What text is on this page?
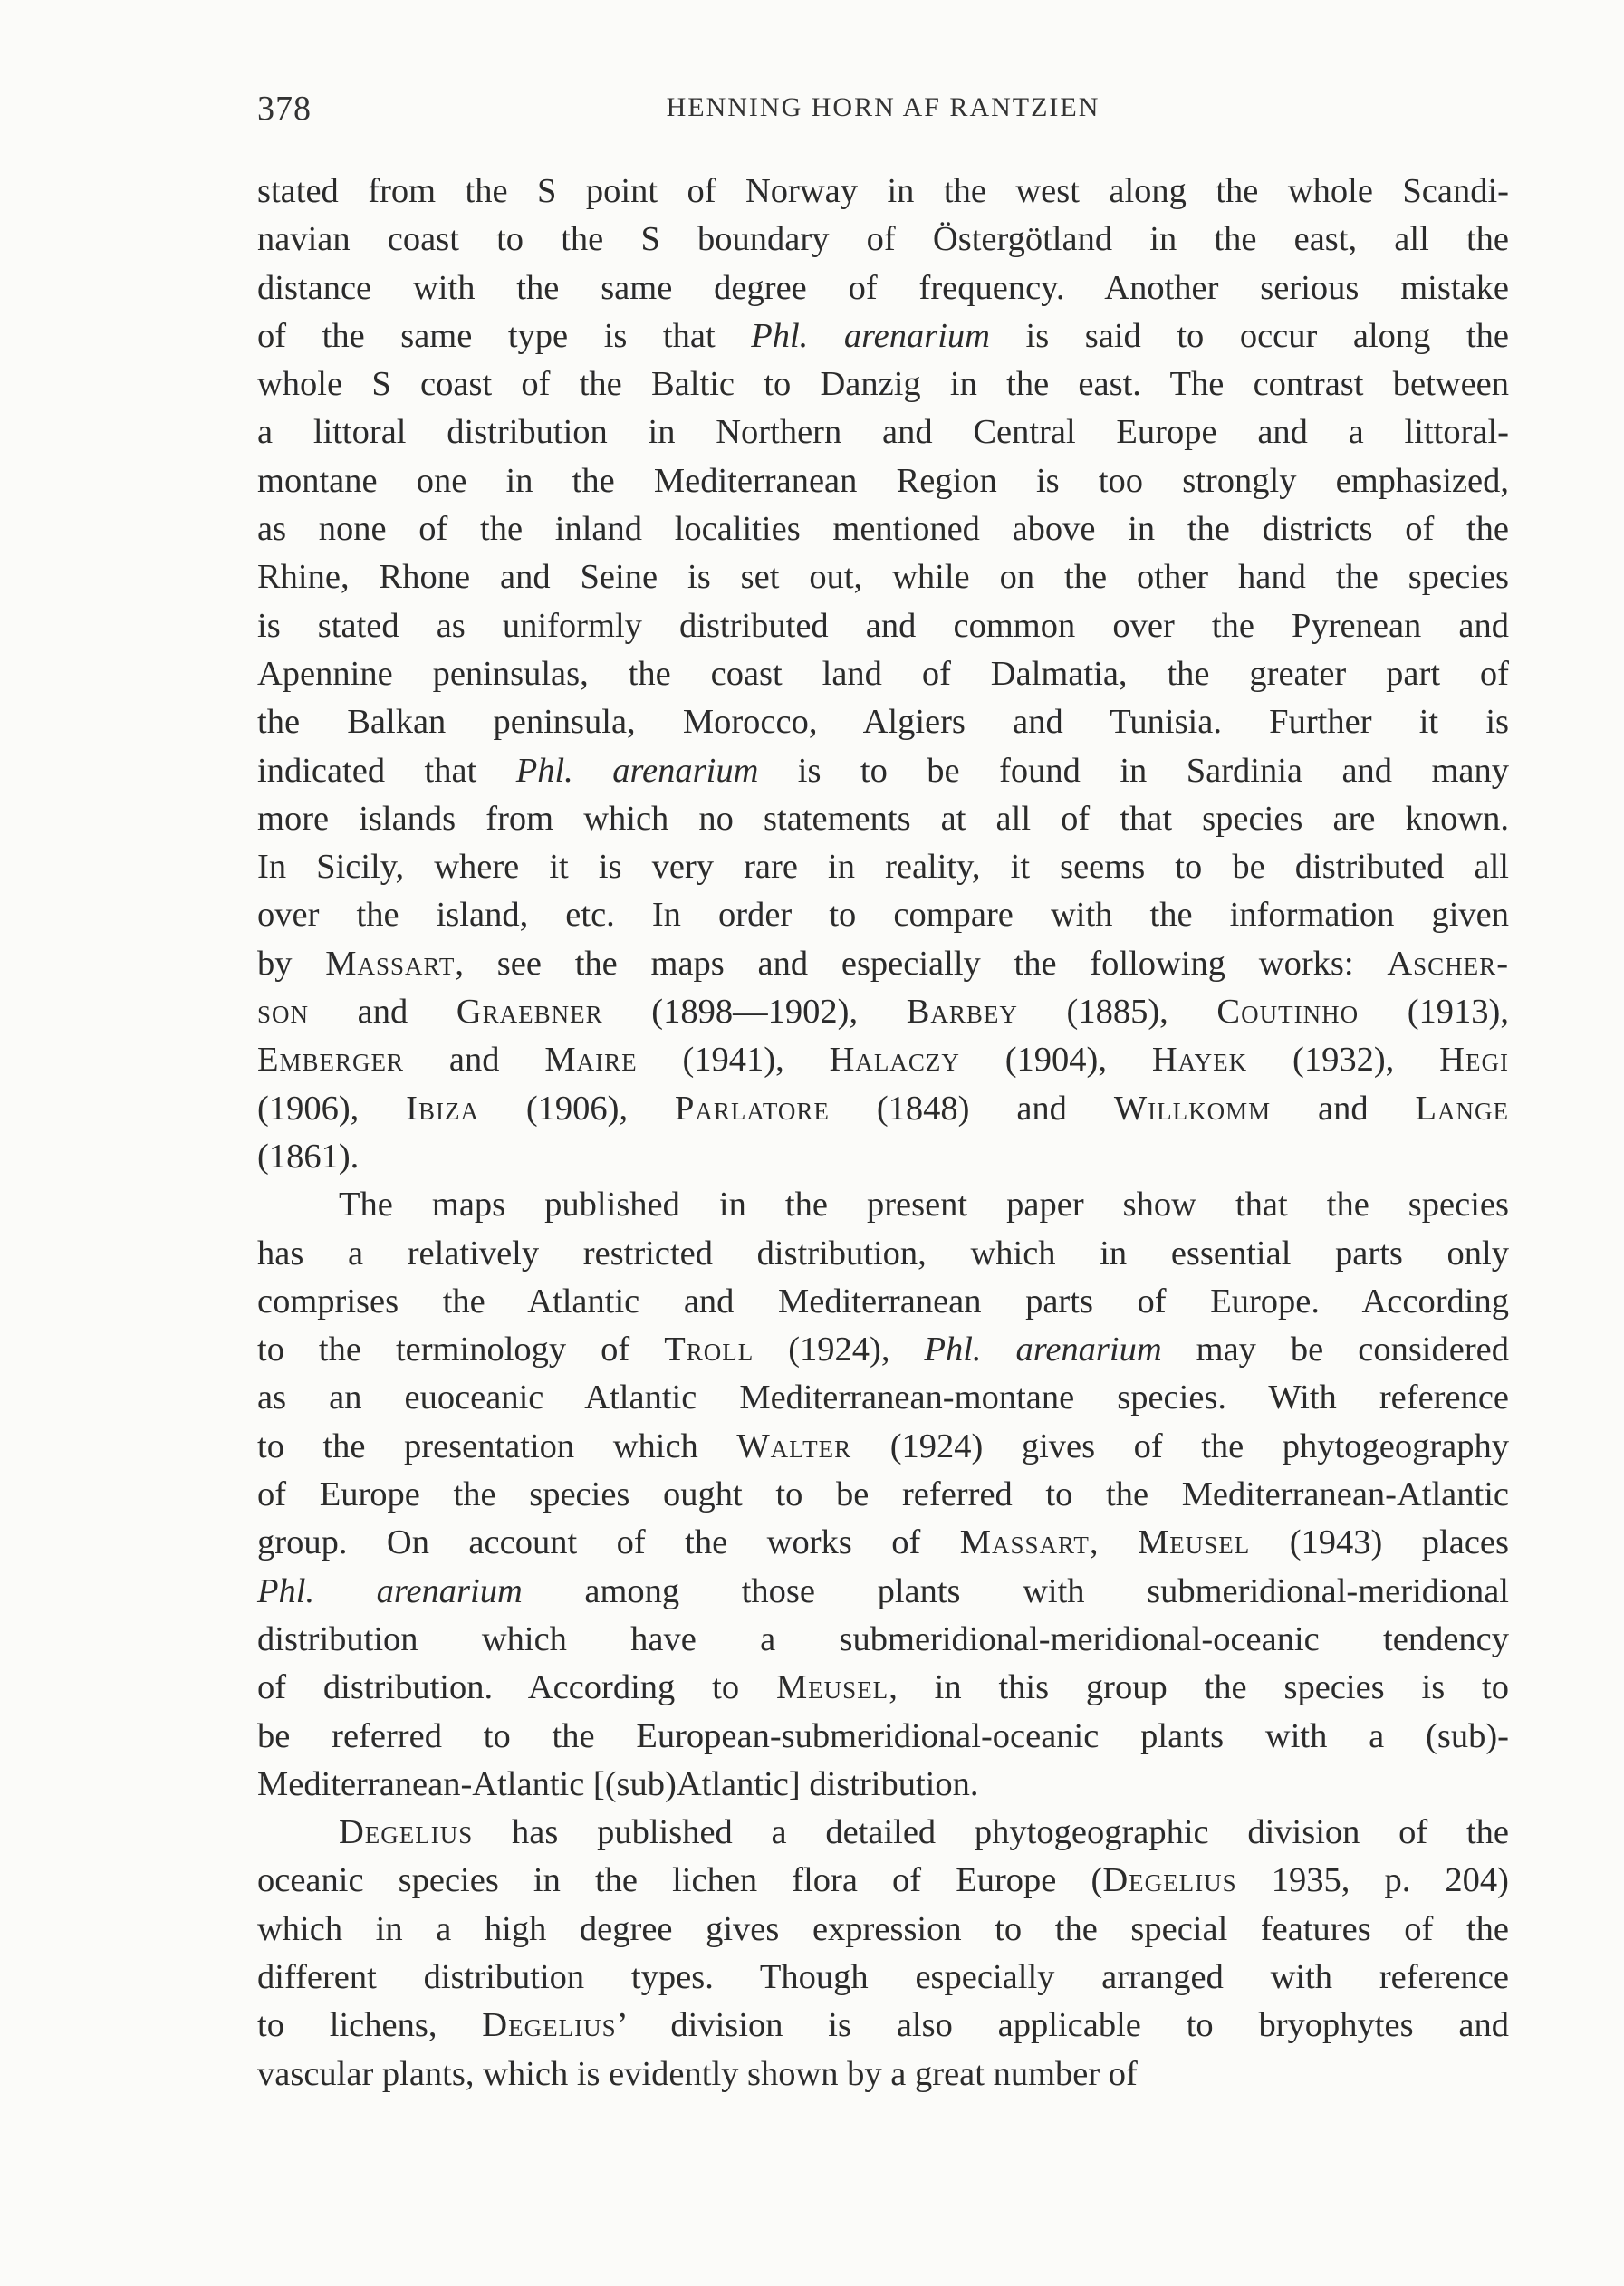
378	HENNING HORN AF RANTZIEN
stated from the S point of Norway in the west along the whole Scandi-
navian coast to the S boundary of Östergötland in the east, all the
distance with the same degree of frequency. Another serious mistake
of the same type is that Phl. arenarium is said to occur along the
whole S coast of the Baltic to Danzig in the east. The contrast between
a littoral distribution in Northern and Central Europe and a littoral-
montane one in the Mediterranean Region is too strongly emphasized,
as none of the inland localities mentioned above in the districts of the
Rhine, Rhone and Seine is set out, while on the other hand the species
is stated as uniformly distributed and common over the Pyrenean and
Apennine peninsulas, the coast land of Dalmatia, the greater part of
the Balkan peninsula, Morocco, Algiers and Tunisia. Further it is
indicated that Phl. arenarium is to be found in Sardinia and many
more islands from which no statements at all of that species are known.
In Sicily, where it is very rare in reality, it seems to be distributed all
over the island, etc. In order to compare with the information given
by Massart, see the maps and especially the following works: Ascher-
son and Graebner (1898—1902), Barbey (1885), Coutinho (1913),
Emberger and Maire (1941), Halaczy (1904), Hayek (1932), Hegi
(1906), Ibiza (1906), Parlatore (1848) and Willkomm and Lange
(1861).
The maps published in the present paper show that the species
has a relatively restricted distribution, which in essential parts only
comprises the Atlantic and Mediterranean parts of Europe. According
to the terminology of Troll (1924), Phl. arenarium may be considered
as an euoceanic Atlantic Mediterranean-montane species. With reference
to the presentation which Walter (1924) gives of the phytogeography
of Europe the species ought to be referred to the Mediterranean-Atlantic
group. On account of the works of Massart, Meusel (1943) places
Phl. arenarium among those plants with submeridional-meridional
distribution which have a submeridional-meridional-oceanic tendency
of distribution. According to Meusel, in this group the species is to
be referred to the European-submeridional-oceanic plants with a (sub)-
Mediterranean-Atlantic [(sub)Atlantic] distribution.
Degelius has published a detailed phytogeographic division of the
oceanic species in the lichen flora of Europe (Degelius 1935, p. 204)
which in a high degree gives expression to the special features of the
different distribution types. Though especially arranged with reference
to lichens, Degelius’ division is also applicable to bryophytes and
vascular plants, which is evidently shown by a great number of
